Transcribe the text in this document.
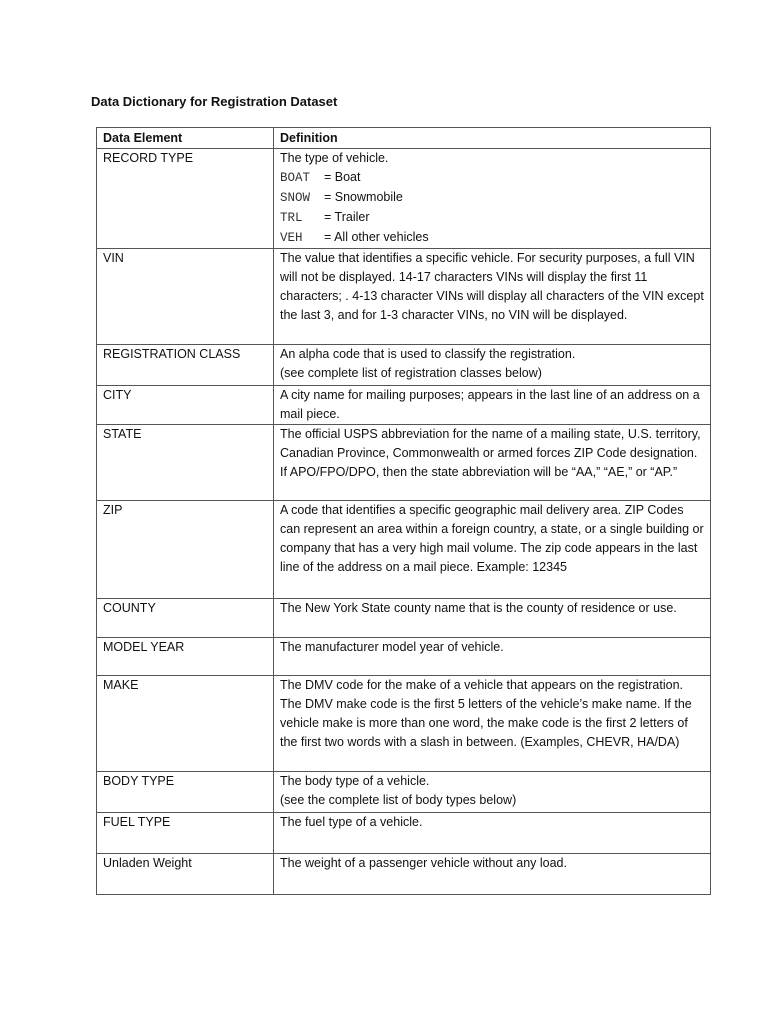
Data Dictionary for Registration Dataset
Data Element	Definition
RECORD TYPE	The type of vehicle.
BOAT = Boat
SNOW = Snowmobile
TRL = Trailer
VEH = All other vehicles

VIN	The value that identifies a specific vehicle. For security purposes, a full VIN will not be displayed. 14-17 characters VINs will display the first 11 characters; . 4-13 character VINs will display all characters of the VIN except the last 3, and for 1-3 character VINs, no VIN will be displayed.
REGISTRATION CLASS	An alpha code that is used to classify the registration.
(see complete list of registration classes below)

CITY	A city name for mailing purposes; appears in the last line of an address on a mail piece.
STATE	The official USPS abbreviation for the name of a mailing state, U.S. territory, Canadian Province, Commonwealth or armed forces ZIP Code designation. If APO/FPO/DPO, then the state abbreviation will be “AA,” “AE,” or “AP.”
ZIP	A code that identifies a specific geographic mail delivery area. ZIP Codes can represent an area within a foreign country, a state, or a single building or company that has a very high mail volume. The zip code appears in the last line of the address on a mail piece. Example: 12345
COUNTY	The New York State county name that is the county of residence or use.
MODEL YEAR	The manufacturer model year of vehicle.
MAKE	The DMV code for the make of a vehicle that appears on the registration. The DMV make code is the first 5 letters of the vehicle’s make name. If the vehicle make is more than one word, the make code is the first 2 letters of the first two words with a slash in between. (Examples, CHEVR, HA/DA)
BODY TYPE	The body type of a vehicle.
(see the complete list of body types below)

FUEL TYPE	The fuel type of a vehicle.
Unladen Weight	The weight of a passenger vehicle without any load.
